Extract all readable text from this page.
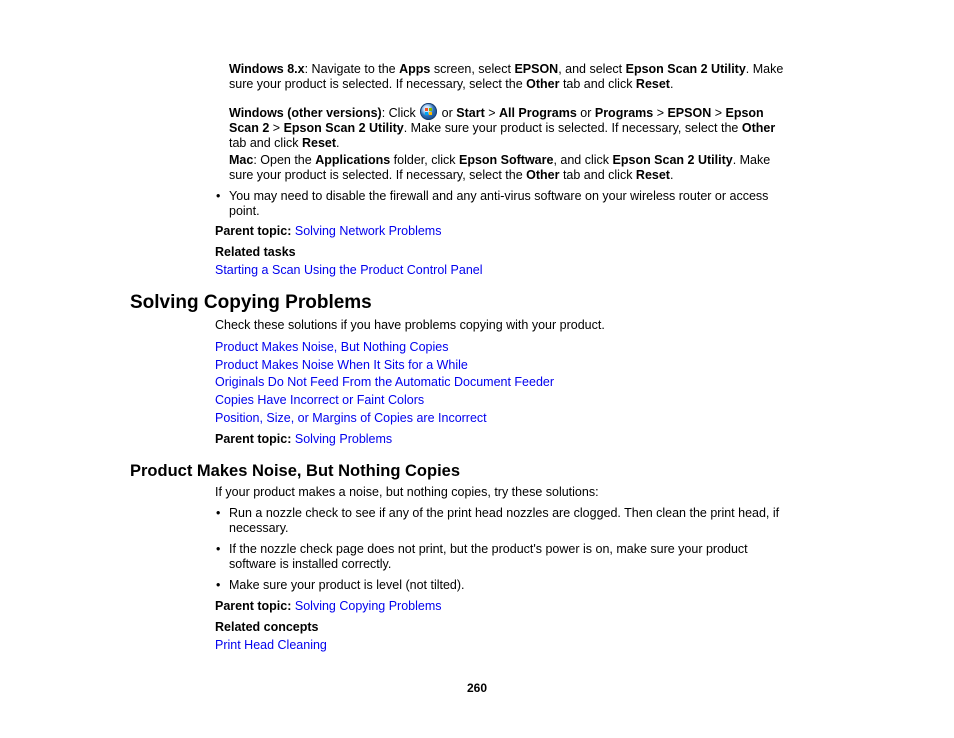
Windows 8.x: Navigate to the Apps screen, select EPSON, and select Epson Scan 2 Utility. Make
sure your product is selected. If necessary, select the Other tab and click Reset.
Windows (other versions): Click  or Start > All Programs or Programs > EPSON > Epson
Scan 2 > Epson Scan 2 Utility. Make sure your product is selected. If necessary, select the Other
tab and click Reset.
Mac: Open the Applications folder, click Epson Software, and click Epson Scan 2 Utility. Make
sure your product is selected. If necessary, select the Other tab and click Reset.
• You may need to disable the firewall and any anti-virus software on your wireless router or access
point.
Parent topic: Solving Network Problems
Related tasks
Starting a Scan Using the Product Control Panel
Solving Copying Problems
Check these solutions if you have problems copying with your product.
Product Makes Noise, But Nothing Copies
Product Makes Noise When It Sits for a While
Originals Do Not Feed From the Automatic Document Feeder
Copies Have Incorrect or Faint Colors
Position, Size, or Margins of Copies are Incorrect
Parent topic: Solving Problems
Product Makes Noise, But Nothing Copies
If your product makes a noise, but nothing copies, try these solutions:
• Run a nozzle check to see if any of the print head nozzles are clogged. Then clean the print head, if
necessary.
• If the nozzle check page does not print, but the product's power is on, make sure your product
software is installed correctly.
• Make sure your product is level (not tilted).
Parent topic: Solving Copying Problems
Related concepts
Print Head Cleaning
260
